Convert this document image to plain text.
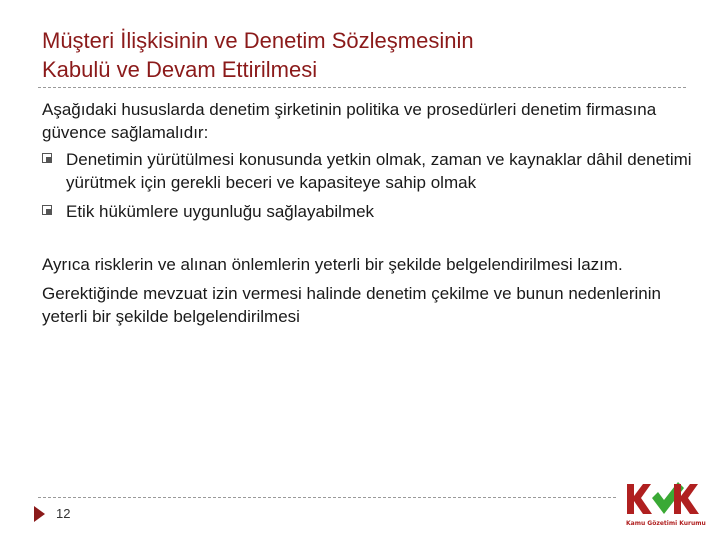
Müşteri İlişkisinin ve Denetim Sözleşmesinin
Kabulü ve Devam Ettirilmesi

Aşağıdaki hususlarda denetim şirketinin politika ve prosedürleri denetim firmasına güvence sağlamalıdır:

Denetimin yürütülmesi konusunda yetkin olmak, zaman ve kaynaklar dâhil denetimi yürütmek için gerekli beceri ve kapasiteye sahip olmak
Etik hükümlere uygunluğu sağlayabilmek

Ayrıca risklerin ve alınan önlemlerin yeterli bir şekilde belgelendirilmesi lazım.

Gerektiğinde mevzuat izin vermesi halinde denetim çekilme ve bunun nedenlerinin yeterli bir şekilde belgelendirilmesi

12
Kamu Gözetimi Kurumu
